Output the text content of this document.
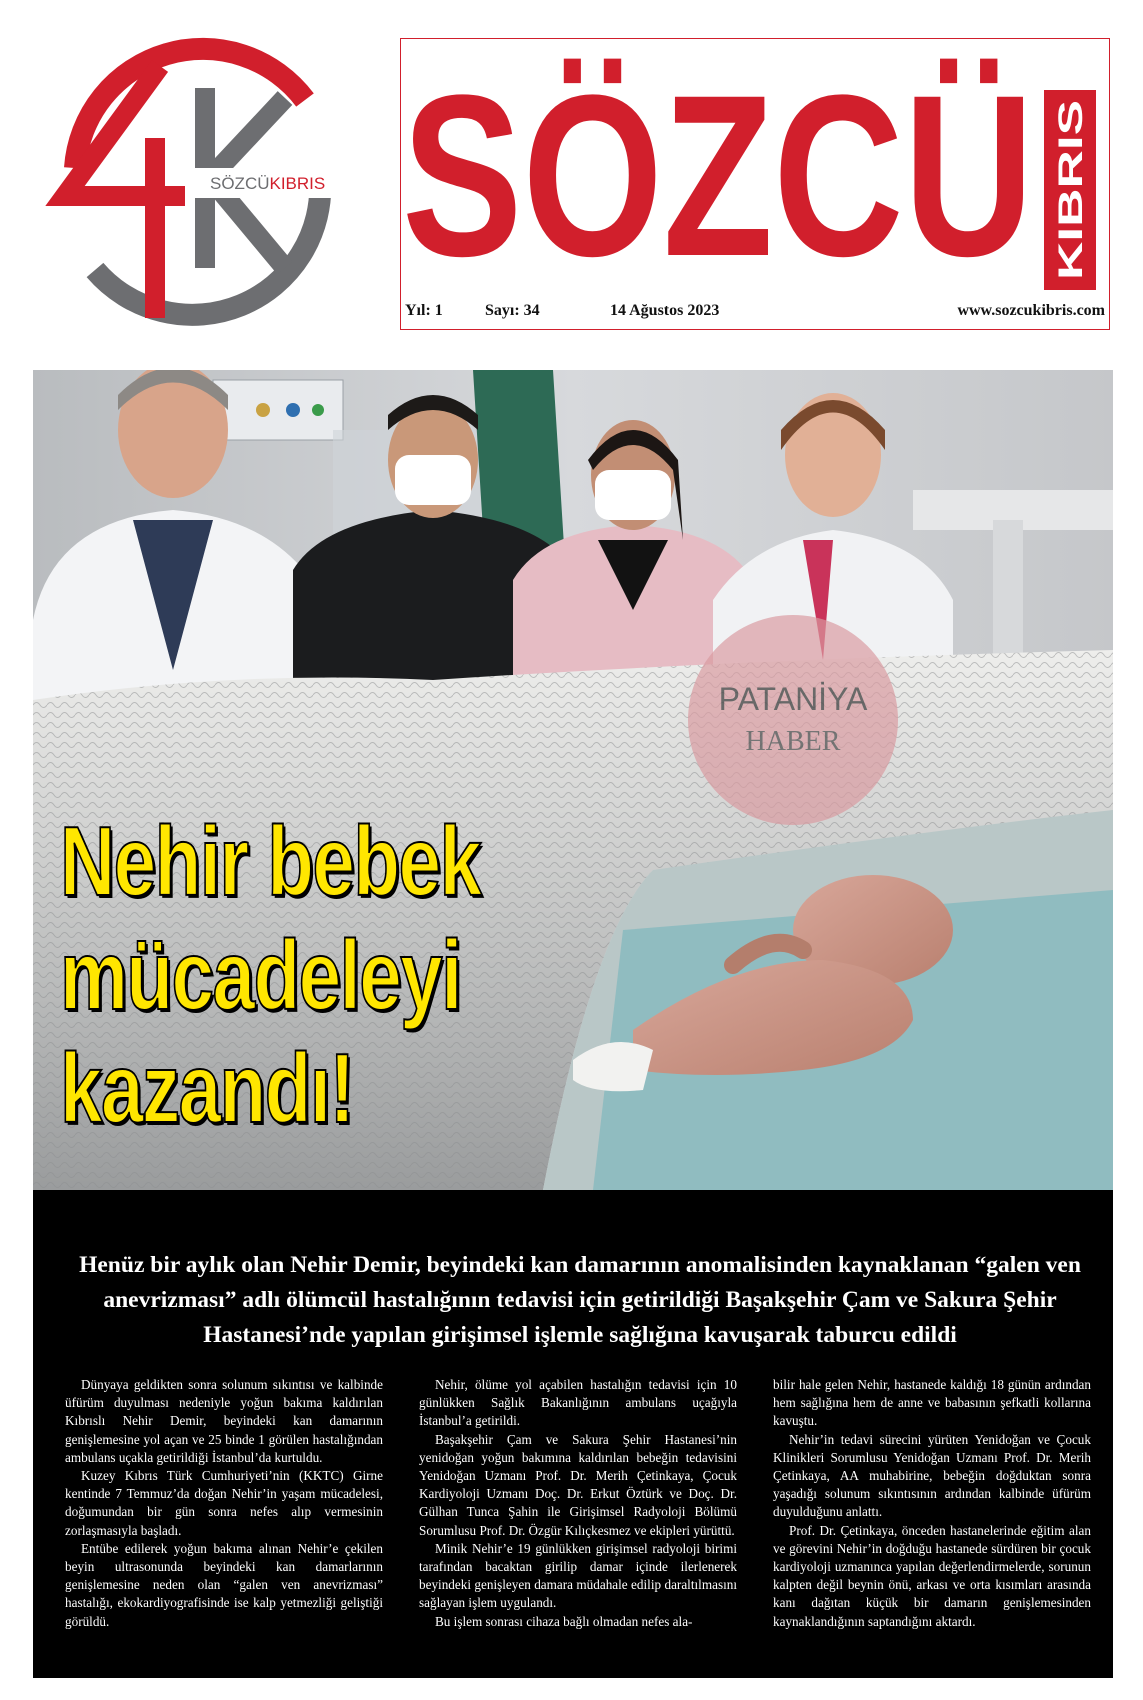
SÖZCÜKIBRIS SÖZCÜ KIBRIS
Yıl: 1	Sayı: 34	14 Ağustos 2023	www.sozcukibris.com
PATANİYA
HABER
Nehir bebek
mücadeleyi
kazandı!
Henüz bir aylık olan Nehir Demir, beyindeki kan damarının anomalisinden kaynaklanan “galen ven anevrizması” adlı ölümcül hastalığının tedavisi için getirildiği Başakşehir Çam ve Sakura Şehir Hastanesi’nde yapılan girişimsel işlemle sağlığına kavuşarak taburcu edildi

Dünyaya geldikten sonra solunum sıkıntısı ve kalbinde üfürüm duyulması nedeniyle yoğun bakıma kaldırılan Kıbrıslı Nehir Demir, beyindeki kan damarının genişlemesine yol açan ve 25 binde 1 görülen hastalığından ambulans uçakla getirildiği İstanbul’da kurtuldu.

Kuzey Kıbrıs Türk Cumhuriyeti’nin (KKTC) Girne kentinde 7 Temmuz’da doğan Nehir’in yaşam mücadelesi, doğumundan bir gün sonra nefes alıp vermesinin zorlaşmasıyla başladı.

Entübe edilerek yoğun bakıma alınan Nehir’e çekilen beyin ultrasonunda beyindeki kan damarlarının genişlemesine neden olan “galen ven anevrizması” hastalığı, ekokardiyografisinde ise kalp yetmezliği geliştiği görüldü.

Nehir, ölüme yol açabilen hastalığın tedavisi için 10 günlükken Sağlık Bakanlığının ambulans uçağıyla İstanbul’a getirildi.

Başakşehir Çam ve Sakura Şehir Hastanesi’nin yenidoğan yoğun bakımına kaldırılan bebeğin tedavisini Yenidoğan Uzmanı Prof. Dr. Merih Çetinkaya, Çocuk Kardiyoloji Uzmanı Doç. Dr. Erkut Öztürk ve Doç. Dr. Gülhan Tunca Şahin ile Girişimsel Radyoloji Bölümü Sorumlusu Prof. Dr. Özgür Kılıçkesmez ve ekipleri yürüttü.

Minik Nehir’e 19 günlükken girişimsel radyoloji birimi tarafından bacaktan girilip damar içinde ilerlenerek beyindeki genişleyen damara müdahale edilip daraltılmasını sağlayan işlem uygulandı.

Bu işlem sonrası cihaza bağlı olmadan nefes ala-

bilir hale gelen Nehir, hastanede kaldığı 18 günün ardından hem sağlığına hem de anne ve babasının şefkatli kollarına kavuştu.

Nehir’in tedavi sürecini yürüten Yenidoğan ve Çocuk Klinikleri Sorumlusu Yenidoğan Uzmanı Prof. Dr. Merih Çetinkaya, AA muhabirine, bebeğin doğduktan sonra yaşadığı solunum sıkıntısının ardından kalbinde üfürüm duyulduğunu anlattı.

Prof. Dr. Çetinkaya, önceden hastanelerinde eğitim alan ve görevini Nehir’in doğduğu hastanede sürdüren bir çocuk kardiyoloji uzmanınca yapılan değerlendirmelerde, sorunun kalpten değil beynin önü, arkası ve orta kısımları arasında kanı dağıtan küçük bir damarın genişlemesinden kaynaklandığının saptandığını aktardı.
